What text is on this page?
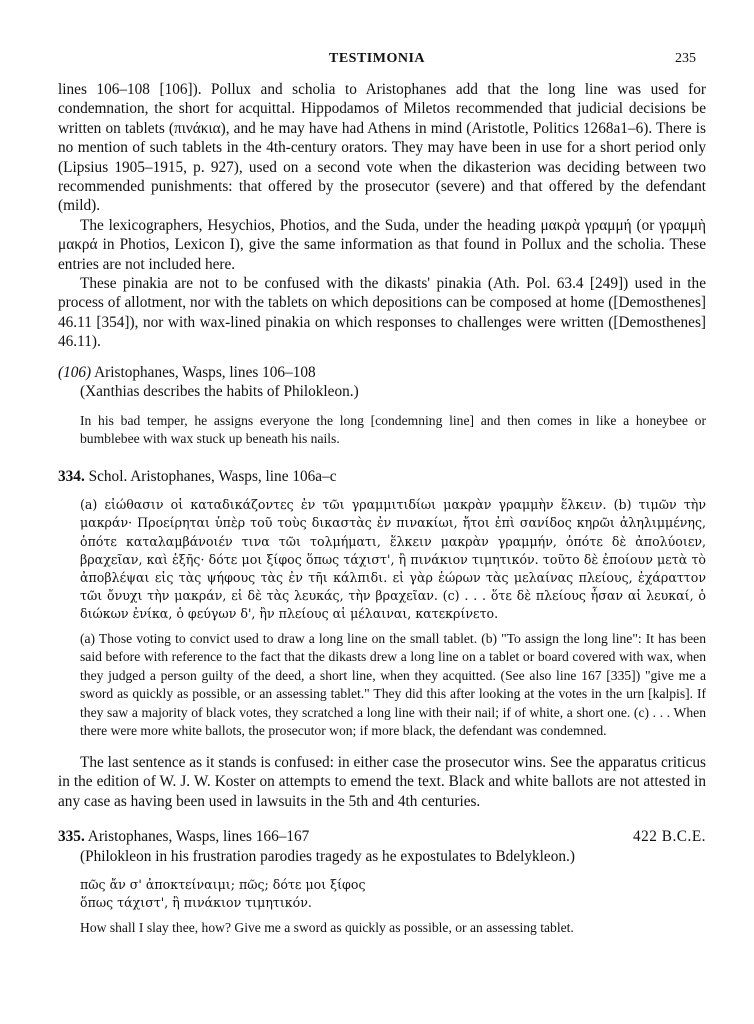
TESTIMONIA	235

lines 106–108 [106]). Pollux and scholia to Aristophanes add that the long line was used for condemnation, the short for acquittal. Hippodamos of Miletos recommended that judicial decisions be written on tablets (πινάκια), and he may have had Athens in mind (Aristotle, Politics 1268a1–6). There is no mention of such tablets in the 4th-century orators. They may have been in use for a short period only (Lipsius 1905–1915, p. 927), used on a second vote when the dikasterion was deciding between two recommended punishments: that offered by the prosecutor (severe) and that offered by the defendant (mild).

The lexicographers, Hesychios, Photios, and the Suda, under the heading μακρὰ γραμμή (or γραμμὴ μακρά in Photios, Lexicon I), give the same information as that found in Pollux and the scholia. These entries are not included here.

These pinakia are not to be confused with the dikasts' pinakia (Ath. Pol. 63.4 [249]) used in the process of allotment, nor with the tablets on which depositions can be composed at home ([Demosthenes] 46.11 [354]), nor with wax-lined pinakia on which responses to challenges were written ([Demosthenes] 46.11).

(106) Aristophanes, Wasps, lines 106–108
(Xanthias describes the habits of Philokleon.)
In his bad temper, he assigns everyone the long [condemning line] and then comes in like a honeybee or bumblebee with wax stuck up beneath his nails.
334. Schol. Aristophanes, Wasps, line 106a–c
(a) εἰώθασιν οἱ καταδικάζοντες ἐν τῶι γραμμιτιδίωι μακρὰν γραμμὴν ἕλκειν. (b) τιμῶν τὴν μακράν· Προείρηται ὑπὲρ τοῦ τοὺς δικαστὰς ἐν πινακίωι, ἤτοι ἐπὶ σανίδος κηρῶι ἀληλιμμένης, ὁπότε καταλαμβάνοιέν τινα τῶι τολμήματι, ἕλκειν μακρὰν γραμμήν, ὁπότε δὲ ἀπολύοιεν, βραχεῖαν, καὶ ἑξῆς· δότε μοι ξίφος ὅπως τάχιστ', ἢ πινάκιον τιμητικόν. τοῦτο δὲ ἐποίουν μετὰ τὸ ἀποβλέψαι εἰς τὰς ψήφους τὰς ἐν τῆι κάλπιδι. εἰ γὰρ ἑώρων τὰς μελαίνας πλείους, ἐχάραττον τῶι ὄνυχι τὴν μακράν, εἰ δὲ τὰς λευκάς, τὴν βραχεῖαν. (c) . . . ὅτε δὲ πλείους ἦσαν αἱ λευκαί, ὁ διώκων ἐνίκα, ὁ φεύγων δ', ἢν πλείους αἱ μέλαιναι, κατεκρίνετο.
(a) Those voting to convict used to draw a long line on the small tablet. (b) "To assign the long line": It has been said before with reference to the fact that the dikasts drew a long line on a tablet or board covered with wax, when they judged a person guilty of the deed, a short line, when they acquitted. (See also line 167 [335]) "give me a sword as quickly as possible, or an assessing tablet." They did this after looking at the votes in the urn [kalpis]. If they saw a majority of black votes, they scratched a long line with their nail; if of white, a short one. (c) . . . When there were more white ballots, the prosecutor won; if more black, the defendant was condemned.

The last sentence as it stands is confused: in either case the prosecutor wins. See the apparatus criticus in the edition of W. J. W. Koster on attempts to emend the text. Black and white ballots are not attested in any case as having been used in lawsuits in the 5th and 4th centuries.

335. Aristophanes, Wasps, lines 166–167	422 B.C.E.
(Philokleon in his frustration parodies tragedy as he expostulates to Bdelykleon.)
πῶς ἄν σ' ἀποκτείναιμι; πῶς; δότε μοι ξίφος
ὅπως τάχιστ', ἢ πινάκιον τιμητικόν.
How shall I slay thee, how? Give me a sword as quickly as possible, or an assessing tablet.
